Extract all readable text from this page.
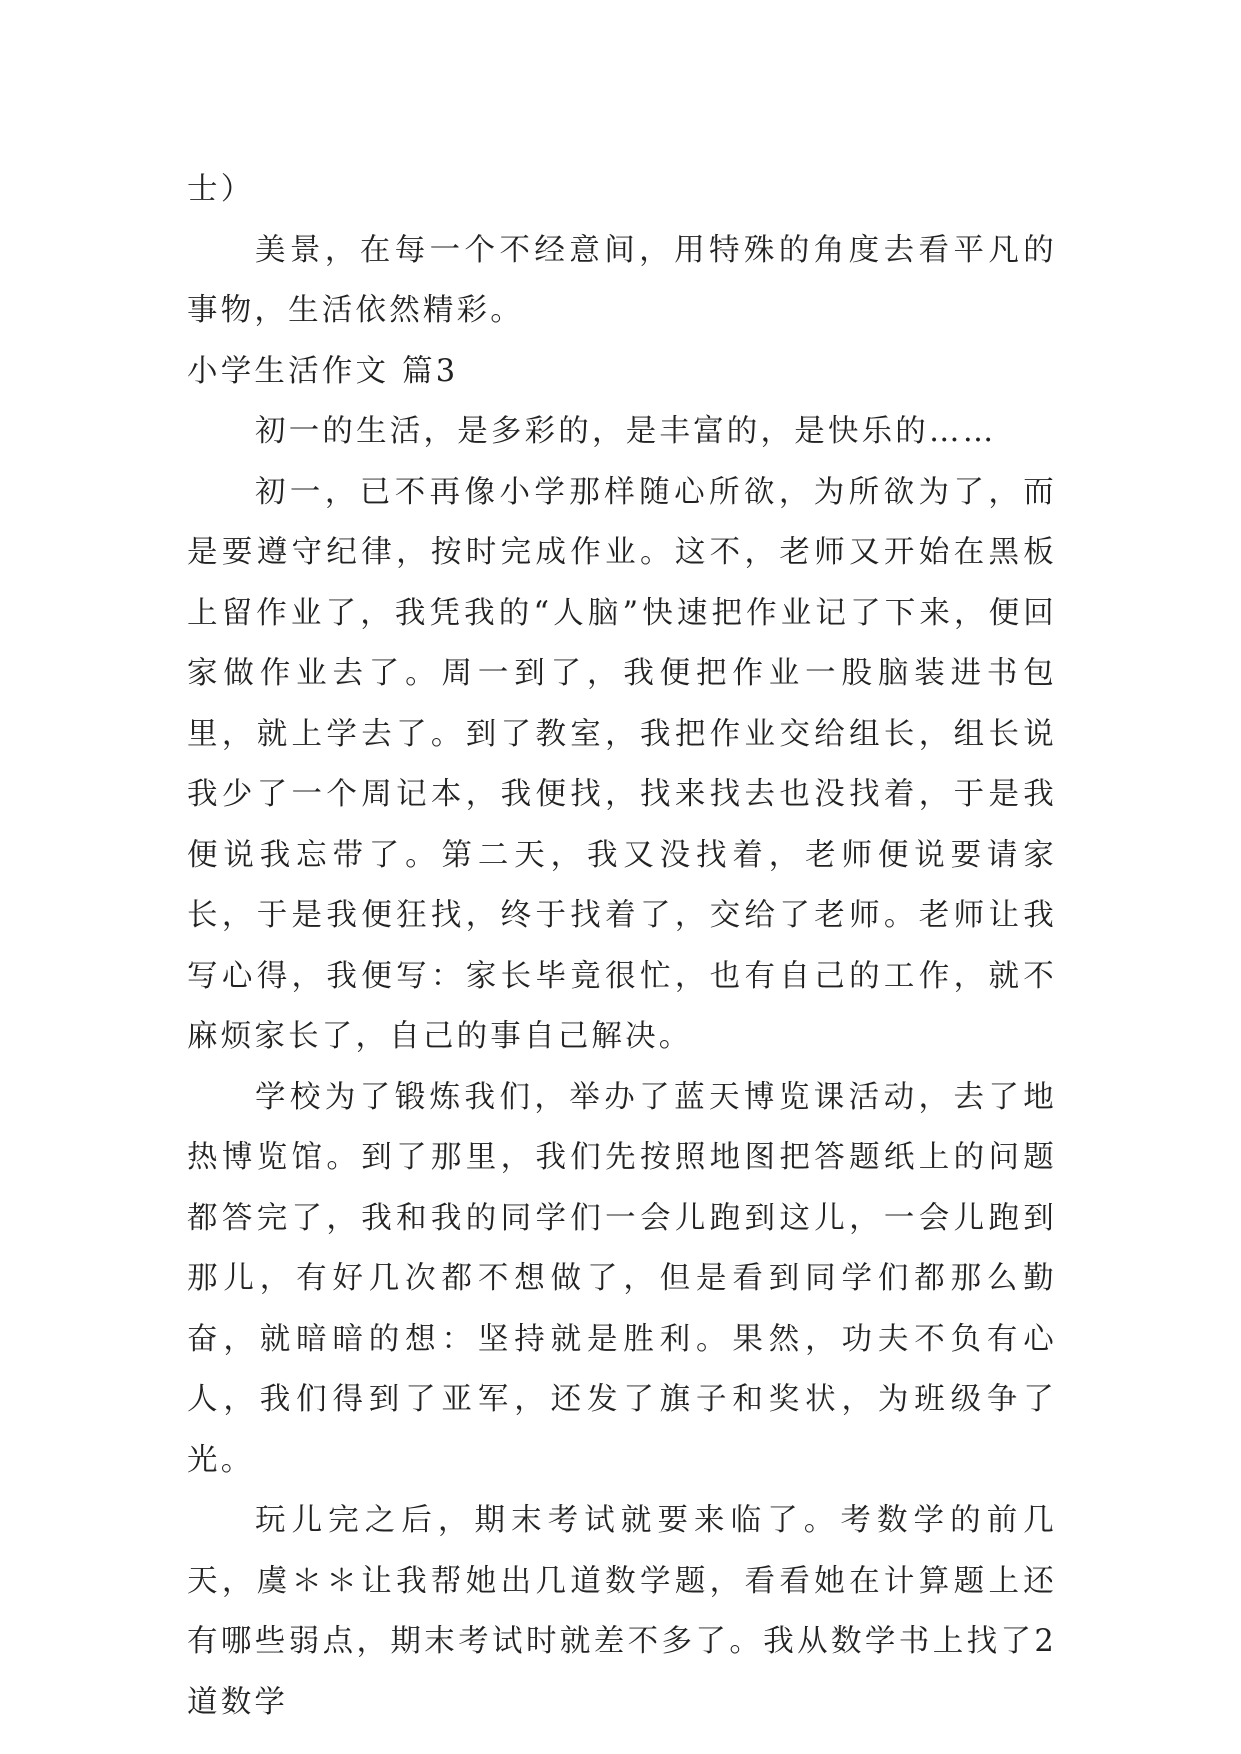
士）

美景，在每一个不经意间，用特殊的角度去看平凡的事物，生活依然精彩。

小学生活作文 篇3

初一的生活，是多彩的，是丰富的，是快乐的……

初一，已不再像小学那样随心所欲，为所欲为了，而是要遵守纪律，按时完成作业。这不，老师又开始在黑板上留作业了，我凭我的“人脑”快速把作业记了下来，便回家做作业去了。周一到了，我便把作业一股脑装进书包里，就上学去了。到了教室，我把作业交给组长，组长说我少了一个周记本，我便找，找来找去也没找着，于是我便说我忘带了。第二天，我又没找着，老师便说要请家长，于是我便狂找，终于找着了，交给了老师。老师让我写心得，我便写：家长毕竟很忙，也有自己的工作，就不麻烦家长了，自己的事自己解决。

学校为了锻炼我们，举办了蓝天博览课活动，去了地热博览馆。到了那里，我们先按照地图把答题纸上的问题都答完了，我和我的同学们一会儿跑到这儿，一会儿跑到那儿，有好几次都不想做了，但是看到同学们都那么勤奋，就暗暗的想：坚持就是胜利。果然，功夫不负有心人，我们得到了亚军，还发了旗子和奖状，为班级争了光。

玩儿完之后，期末考试就要来临了。考数学的前几天，虞＊＊让我帮她出几道数学题，看看她在计算题上还有哪些弱点，期末考试时就差不多了。我从数学书上找了2道数学
